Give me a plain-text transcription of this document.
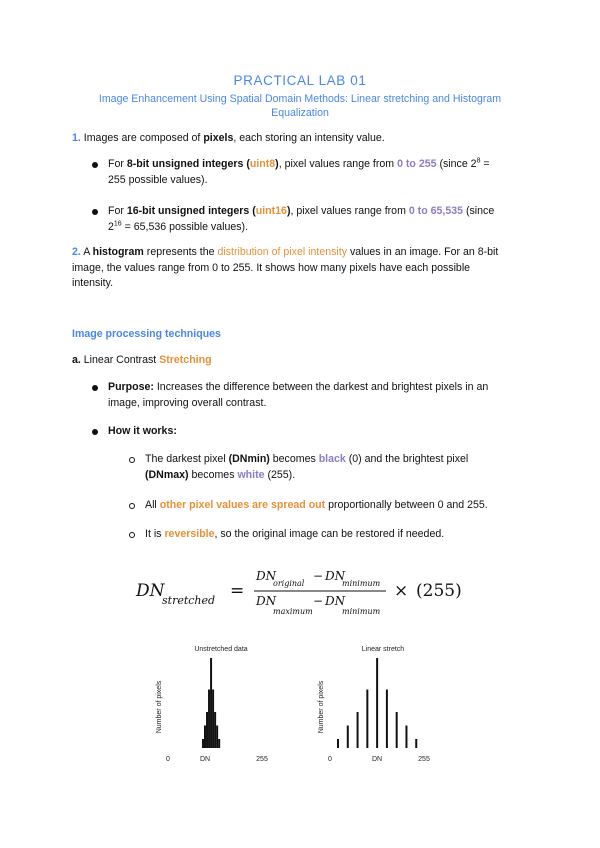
PRACTICAL LAB 01
Image Enhancement Using Spatial Domain Methods: Linear stretching and Histogram Equalization
1. Images are composed of pixels, each storing an intensity value.
For 8-bit unsigned integers (uint8), pixel values range from 0 to 255 (since $2^8$ =
255 possible values).
For 16-bit unsigned integers (uint16), pixel values range from 0 to 65,535 (since
$2^{16} = 65,536$ possible values).
2. A histogram represents the distribution of pixel intensity values in an image. For an 8-bit
image, the values range from 0 to 255. It shows how many pixels have each possible
intensity.
Image processing techniques
a. Linear Contrast Stretching
Purpose: Increases the difference between the darkest and brightest pixels in an
image, improving overall contrast.
How it works:
The darkest pixel (DNmin) becomes black (0) and the brightest pixel
(DNmax) becomes white (255).
All other pixel values are spread out proportionally between 0 and 255.
It is reversible, so the original image can be restored if needed.
DN
stretched =
DN
original
− DN
minimum
DN
maximum
− DN
minimum
× (255)
Unstretched data
Number of pixels
0	DN	255
Linear stretch
Number of pixels
0	DN	255
